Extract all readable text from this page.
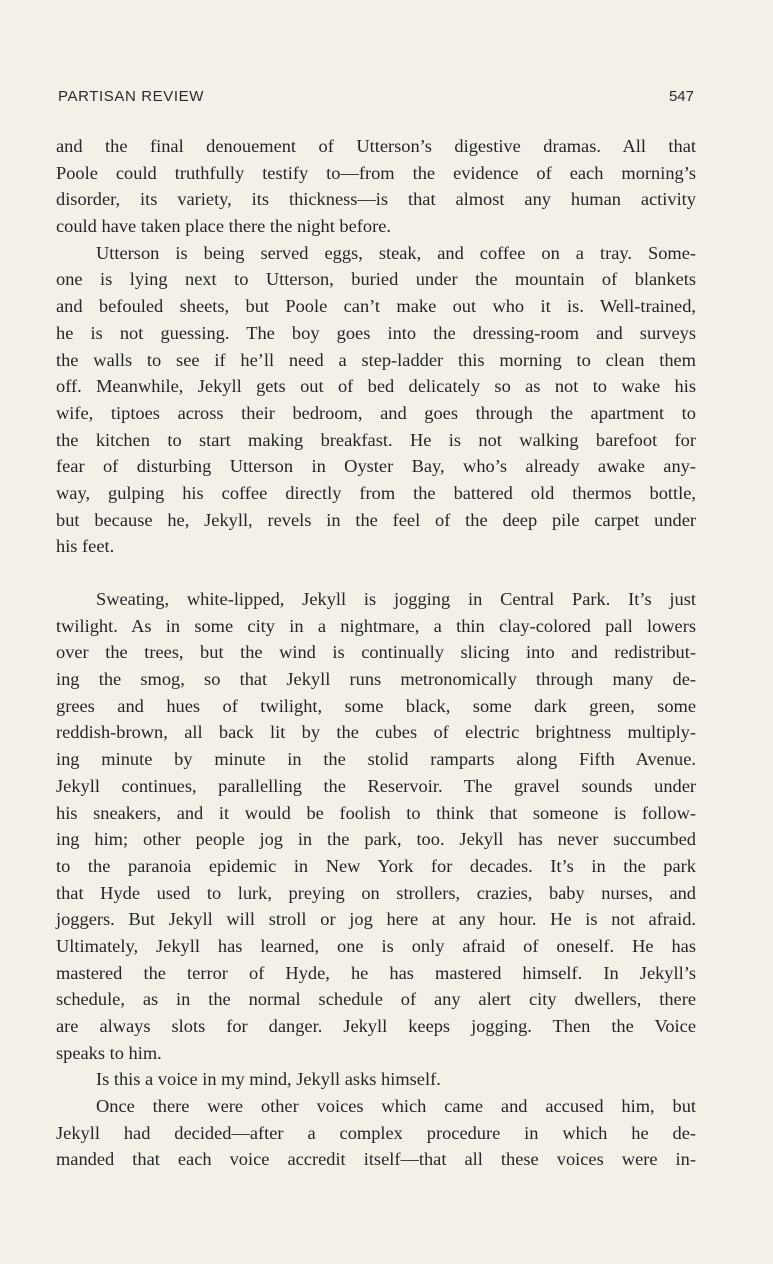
PARTISAN REVIEW	547
and the final denouement of Utterson’s digestive dramas. All that
Poole could truthfully testify to—from the evidence of each morning’s
disorder, its variety, its thickness—is that almost any human activity
could have taken place there the night before.
Utterson is being served eggs, steak, and coffee on a tray. Some-
one is lying next to Utterson, buried under the mountain of blankets
and befouled sheets, but Poole can’t make out who it is. Well-trained,
he is not guessing. The boy goes into the dressing-room and surveys
the walls to see if he’ll need a step-ladder this morning to clean them
off. Meanwhile, Jekyll gets out of bed delicately so as not to wake his
wife, tiptoes across their bedroom, and goes through the apartment to
the kitchen to start making breakfast. He is not walking barefoot for
fear of disturbing Utterson in Oyster Bay, who’s already awake any-
way, gulping his coffee directly from the battered old thermos bottle,
but because he, Jekyll, revels in the feel of the deep pile carpet under
his feet.
Sweating, white-lipped, Jekyll is jogging in Central Park. It’s just
twilight. As in some city in a nightmare, a thin clay-colored pall lowers
over the trees, but the wind is continually slicing into and redistribut-
ing the smog, so that Jekyll runs metronomically through many de-
grees and hues of twilight, some black, some dark green, some
reddish-brown, all back lit by the cubes of electric brightness multiply-
ing minute by minute in the stolid ramparts along Fifth Avenue.
Jekyll continues, parallelling the Reservoir. The gravel sounds under
his sneakers, and it would be foolish to think that someone is follow-
ing him; other people jog in the park, too. Jekyll has never succumbed
to the paranoia epidemic in New York for decades. It’s in the park
that Hyde used to lurk, preying on strollers, crazies, baby nurses, and
joggers. But Jekyll will stroll or jog here at any hour. He is not afraid.
Ultimately, Jekyll has learned, one is only afraid of oneself. He has
mastered the terror of Hyde, he has mastered himself. In Jekyll’s
schedule, as in the normal schedule of any alert city dwellers, there
are always slots for danger. Jekyll keeps jogging. Then the Voice
speaks to him.
Is this a voice in my mind, Jekyll asks himself.
Once there were other voices which came and accused him, but
Jekyll had decided—after a complex procedure in which he de-
manded that each voice accredit itself—that all these voices were in-
